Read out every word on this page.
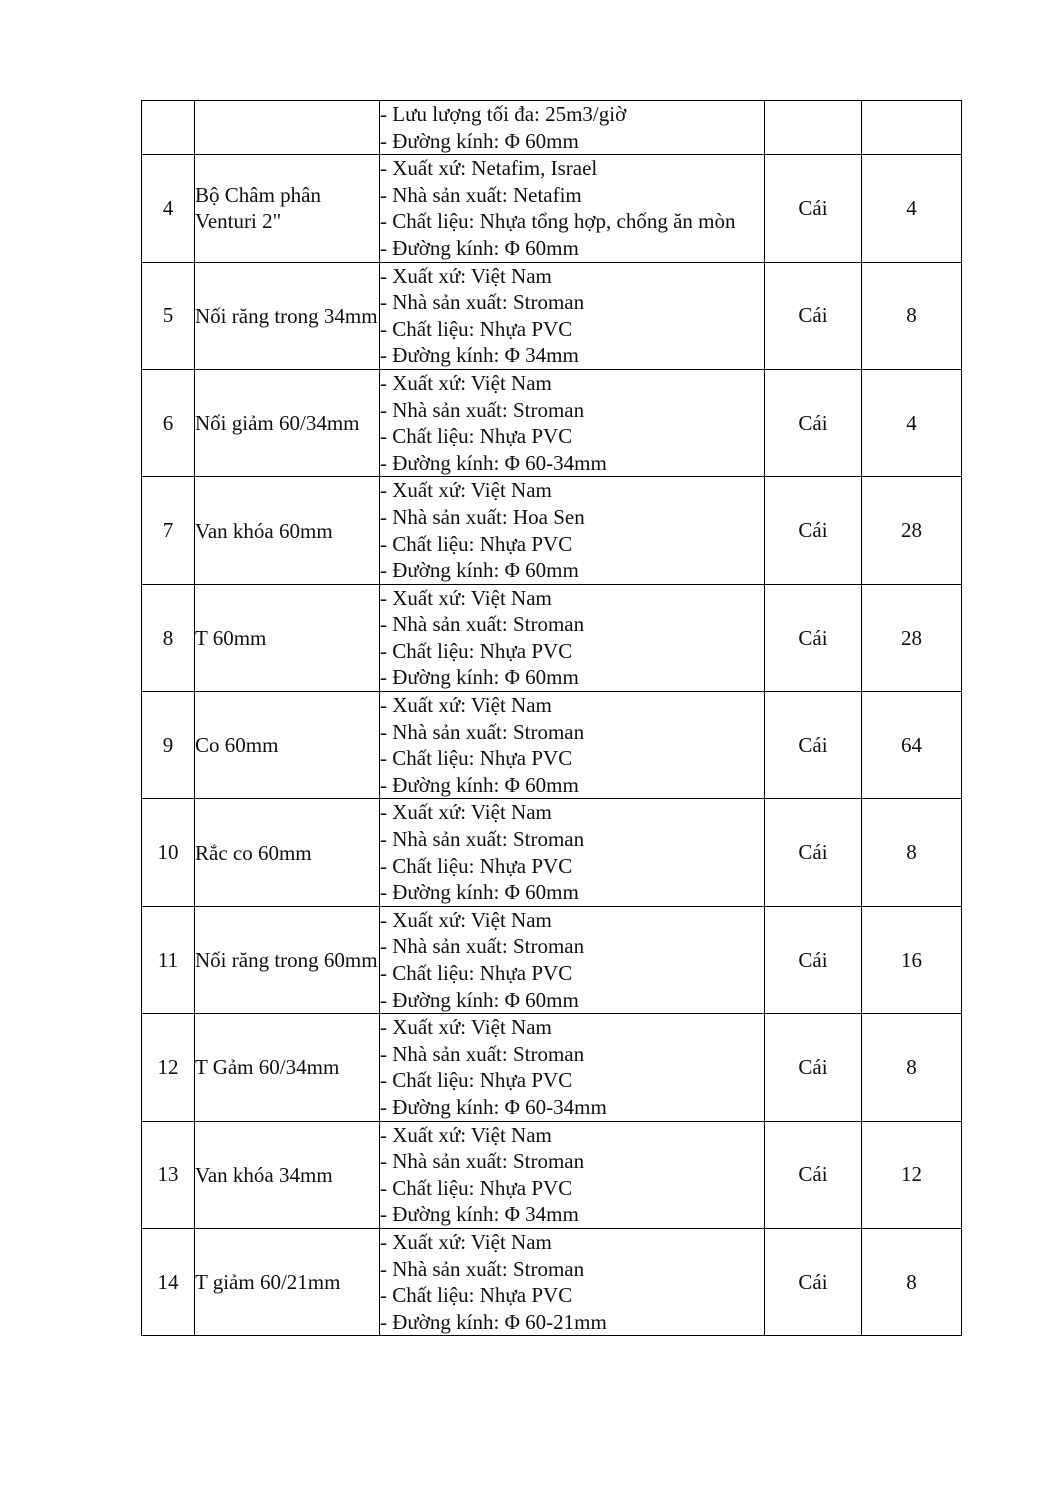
		- Lưu lượng tối đa: 25m3/giờ
- Đường kính: Φ 60mm		

4	Bộ Châm phân Venturi 2"	- Xuất xứ: Netafim, Israel
- Nhà sản xuất: Netafim
- Chất liệu: Nhựa tổng hợp, chống ăn mòn
- Đường kính: Φ 60mm	Cái	4
5	Nối răng trong 34mm	- Xuất xứ: Việt Nam
- Nhà sản xuất: Stroman
- Chất liệu: Nhựa PVC
- Đường kính: Φ 34mm	Cái	8
6	Nối giảm 60/34mm	- Xuất xứ: Việt Nam
- Nhà sản xuất: Stroman
- Chất liệu: Nhựa PVC
- Đường kính: Φ 60-34mm	Cái	4
7	Van khóa 60mm	- Xuất xứ: Việt Nam
- Nhà sản xuất: Hoa Sen
- Chất liệu: Nhựa PVC
- Đường kính: Φ 60mm	Cái	28
8	T 60mm	- Xuất xứ: Việt Nam
- Nhà sản xuất: Stroman
- Chất liệu: Nhựa PVC
- Đường kính: Φ 60mm	Cái	28
9	Co 60mm	- Xuất xứ: Việt Nam
- Nhà sản xuất: Stroman
- Chất liệu: Nhựa PVC
- Đường kính: Φ 60mm	Cái	64
10	Rắc co 60mm	- Xuất xứ: Việt Nam
- Nhà sản xuất: Stroman
- Chất liệu: Nhựa PVC
- Đường kính: Φ 60mm	Cái	8
11	Nối răng trong 60mm	- Xuất xứ: Việt Nam
- Nhà sản xuất: Stroman
- Chất liệu: Nhựa PVC
- Đường kính: Φ 60mm	Cái	16
12	T Gảm 60/34mm	- Xuất xứ: Việt Nam
- Nhà sản xuất: Stroman
- Chất liệu: Nhựa PVC
- Đường kính: Φ 60-34mm	Cái	8
13	Van khóa 34mm	- Xuất xứ: Việt Nam
- Nhà sản xuất: Stroman
- Chất liệu: Nhựa PVC
- Đường kính: Φ 34mm	Cái	12
14	T giảm 60/21mm	- Xuất xứ: Việt Nam
- Nhà sản xuất: Stroman
- Chất liệu: Nhựa PVC
- Đường kính: Φ 60-21mm	Cái	8
